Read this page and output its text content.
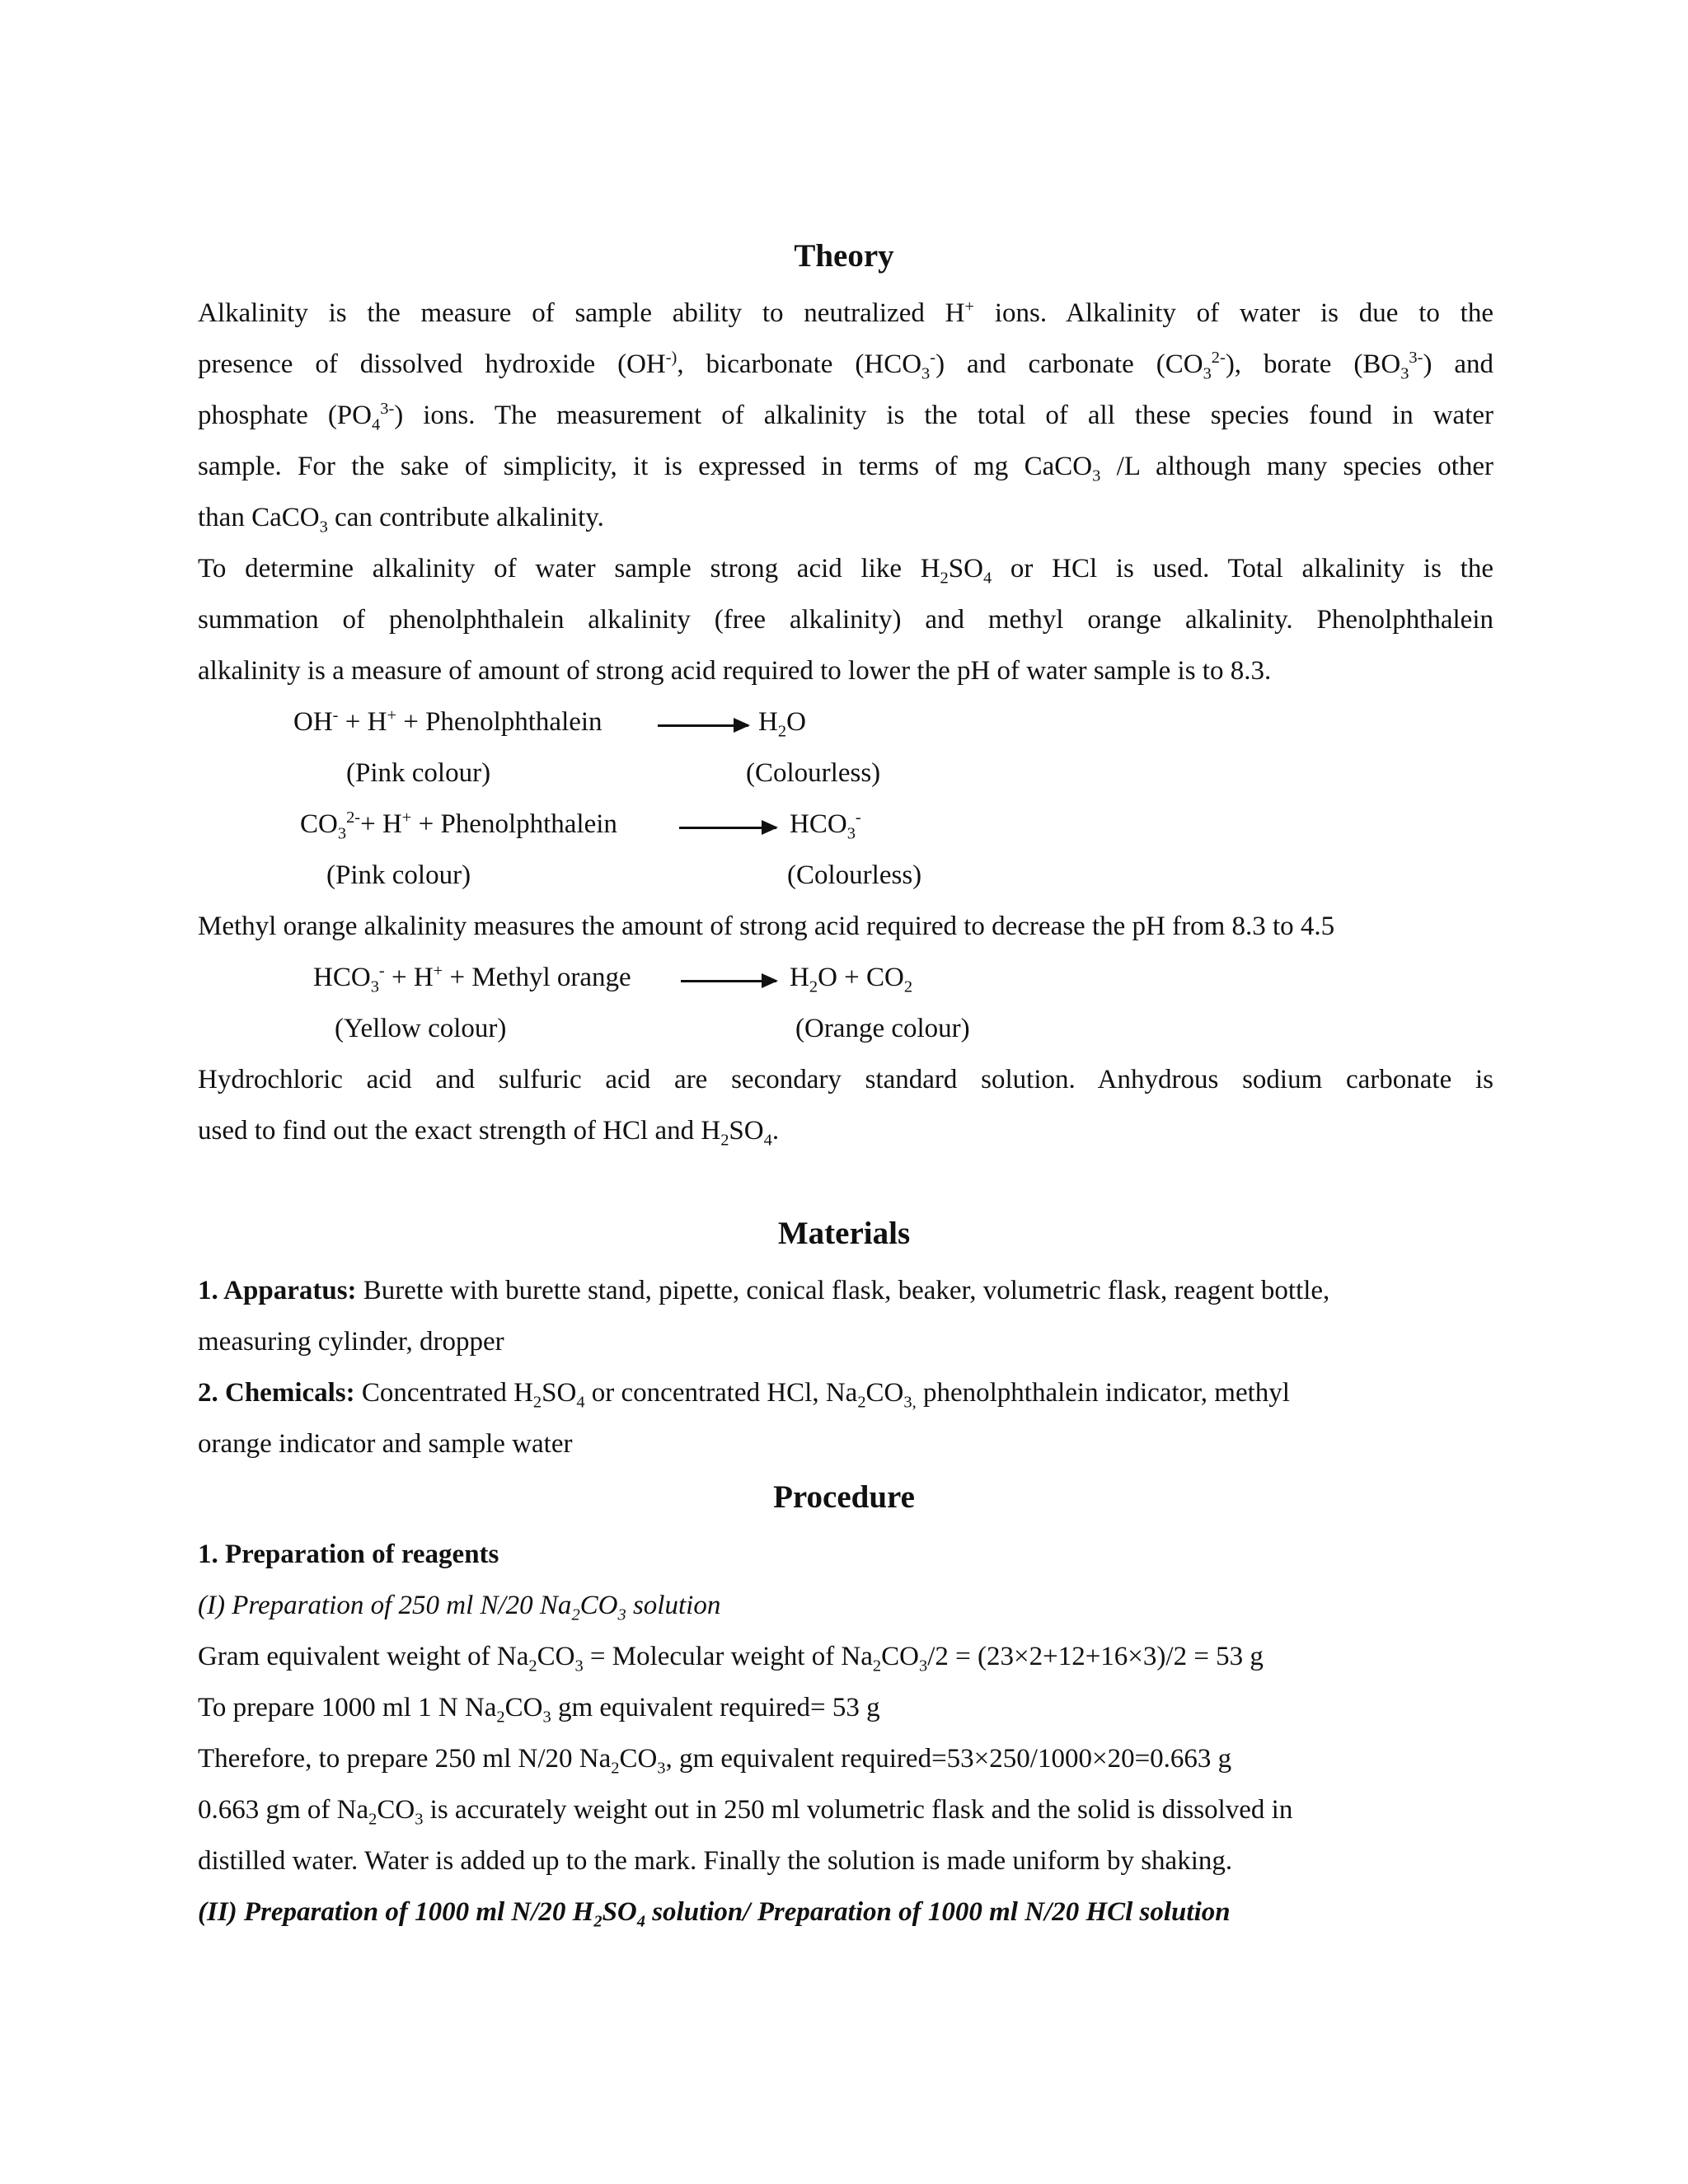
Theory
Alkalinity is the measure of sample ability to neutralized H+ ions. Alkalinity of water is due to the
presence of dissolved hydroxide (OH-), bicarbonate $(HCO_3^-)$ and carbonate $(CO_3^{2-})$, borate $(BO_3^{3-})$ and
phosphate $(PO_4^{3-})$ ions. The measurement of alkalinity is the total of all these species found in water
sample. For the sake of simplicity, it is expressed in terms of mg CaCO$_3$ /L although many species other
than CaCO$_3$ can contribute alkalinity.
To determine alkalinity of water sample strong acid like $H_2SO_4$ or HCl is used. Total alkalinity is the
summation of phenolphthalein alkalinity (free alkalinity) and methyl orange alkalinity. Phenolphthalein
alkalinity is a measure of amount of strong acid required to lower the pH of water sample is to 8.3.
OH- + H+ + Phenolphthalein	$H_2O$
(Pink colour)	(Colourless)
$CO_3^{2-}+ H^+$ + Phenolphthalein	$HCO_3^-$
(Pink colour)	(Colourless)
Methyl orange alkalinity measures the amount of strong acid required to decrease the pH from 8.3 to 4.5
$HCO_3^- + H^+$ + Methyl orange	$H_2O + CO_2$
(Yellow colour)	(Orange colour)
Hydrochloric acid and sulfuric acid are secondary standard solution. Anhydrous sodium carbonate is
used to find out the exact strength of HCl and $H_2SO_4$.
Materials
1. Apparatus: Burette with burette stand, pipette, conical flask, beaker, volumetric flask, reagent bottle,
measuring cylinder, dropper
2. Chemicals: Concentrated $H_2SO_4$ or concentrated HCl, $Na_2CO_{3,}$ phenolphthalein indicator, methyl
orange indicator and sample water
Procedure
1. Preparation of reagents
(I) Preparation of 250 ml N/20 $Na_2CO_3$ solution
Gram equivalent weight of $Na_2CO_3$ = Molecular weight of $Na_2CO_3/2 = (23\times 2+12+16\times 3)/2 = 53$ g
To prepare 1000 ml 1 N $Na_2CO_3$ gm equivalent required= 53 g
Therefore, to prepare 250 ml N/20 $Na_2CO_3$, gm equivalent required=53×250/1000×20=0.663 g
0.663 gm of $Na_2CO_3$ is accurately weight out in 250 ml volumetric flask and the solid is dissolved in
distilled water. Water is added up to the mark. Finally the solution is made uniform by shaking.
(II) Preparation of 1000 ml N/20 $H_2SO_4$ solution/ Preparation of 1000 ml N/20 HCl solution
